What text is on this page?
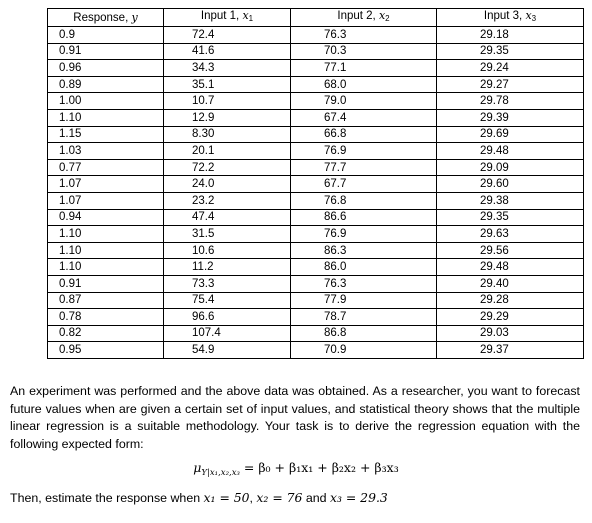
Response, y	Input 1, $x_1$	Input 2, $x_2$	Input 3, $x_3$
0.9	72.4	76.3	29.18
0.91	41.6	70.3	29.35
0.96	34.3	77.1	29.24
0.89	35.1	68.0	29.27
1.00	10.7	79.0	29.78
1.10	12.9	67.4	29.39
1.15	8.30	66.8	29.69
1.03	20.1	76.9	29.48
0.77	72.2	77.7	29.09
1.07	24.0	67.7	29.60
1.07	23.2	76.8	29.38
0.94	47.4	86.6	29.35
1.10	31.5	76.9	29.63
1.10	10.6	86.3	29.56
1.10	11.2	86.0	29.48
0.91	73.3	76.3	29.40
0.87	75.4	77.9	29.28
0.78	96.6	78.7	29.29
0.82	107.4	86.8	29.03
0.95	54.9	70.9	29.37
An experiment was performed and the above data was obtained. As a researcher, you want to forecast future values when are given a certain set of input values, and statistical theory shows that the multiple linear regression is a suitable methodology. Your task is to derive the regression equation with the following expected form:
$\mu_{Y|x_1,x_2,x_3} = \beta_0 + \beta_1x_1 + \beta_2x_2 + \beta_3x_3$
Then, estimate the response when x₁ = 50, x₂ = 76 and x₃ = 29.3
